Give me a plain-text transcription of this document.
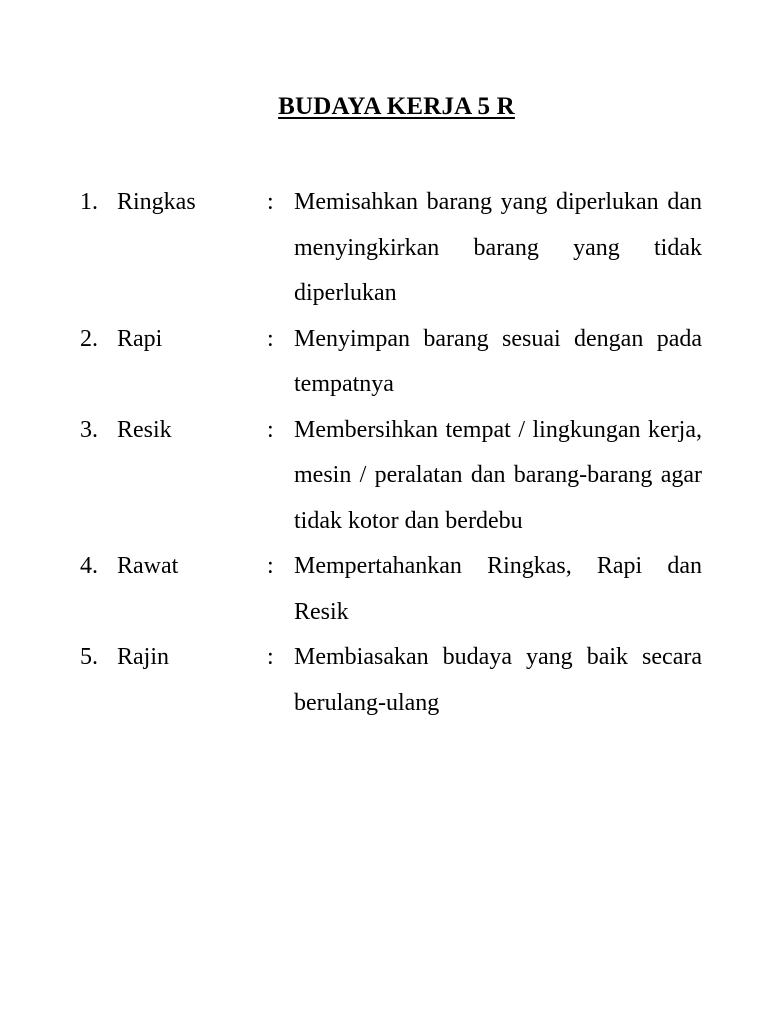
BUDAYA KERJA 5 R
1. Ringkas	: Memisahkan barang yang diperlukan dan menyingkirkan barang yang tidak diperlukan
2. Rapi	: Menyimpan barang sesuai dengan pada tempatnya
3. Resik	: Membersihkan tempat / lingkungan kerja, mesin / peralatan dan barang-barang agar tidak kotor dan berdebu
4. Rawat	: Mempertahankan Ringkas, Rapi dan Resik
5. Rajin	: Membiasakan budaya yang baik secara berulang-ulang
